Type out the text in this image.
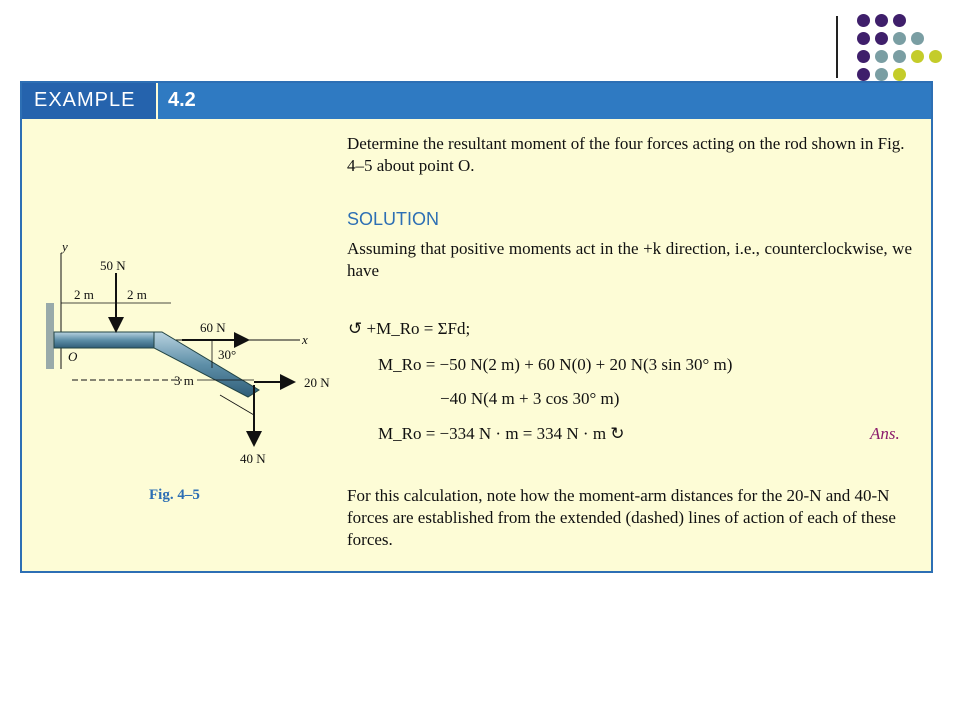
EXAMPLE 4.2
Determine the resultant moment of the four forces acting on the rod shown in Fig. 4–5 about point O.
SOLUTION
Assuming that positive moments act in the +k direction, i.e., counterclockwise, we have
↺ +M_Ro = ΣFd;
M_Ro = −50 N(2 m) + 60 N(0) + 20 N(3 sin 30° m)
−40 N(4 m + 3 cos 30° m)
M_Ro = −334 N · m = 334 N · m ↻	Ans.
y
x
O
2 m	2 m
50 N
60 N
30°
3 m	20 N
40 N
Fig. 4–5	For this calculation, note how the moment-arm distances for the 20-N and 40-N forces are established from the extended (dashed) lines of action of each of these forces.
